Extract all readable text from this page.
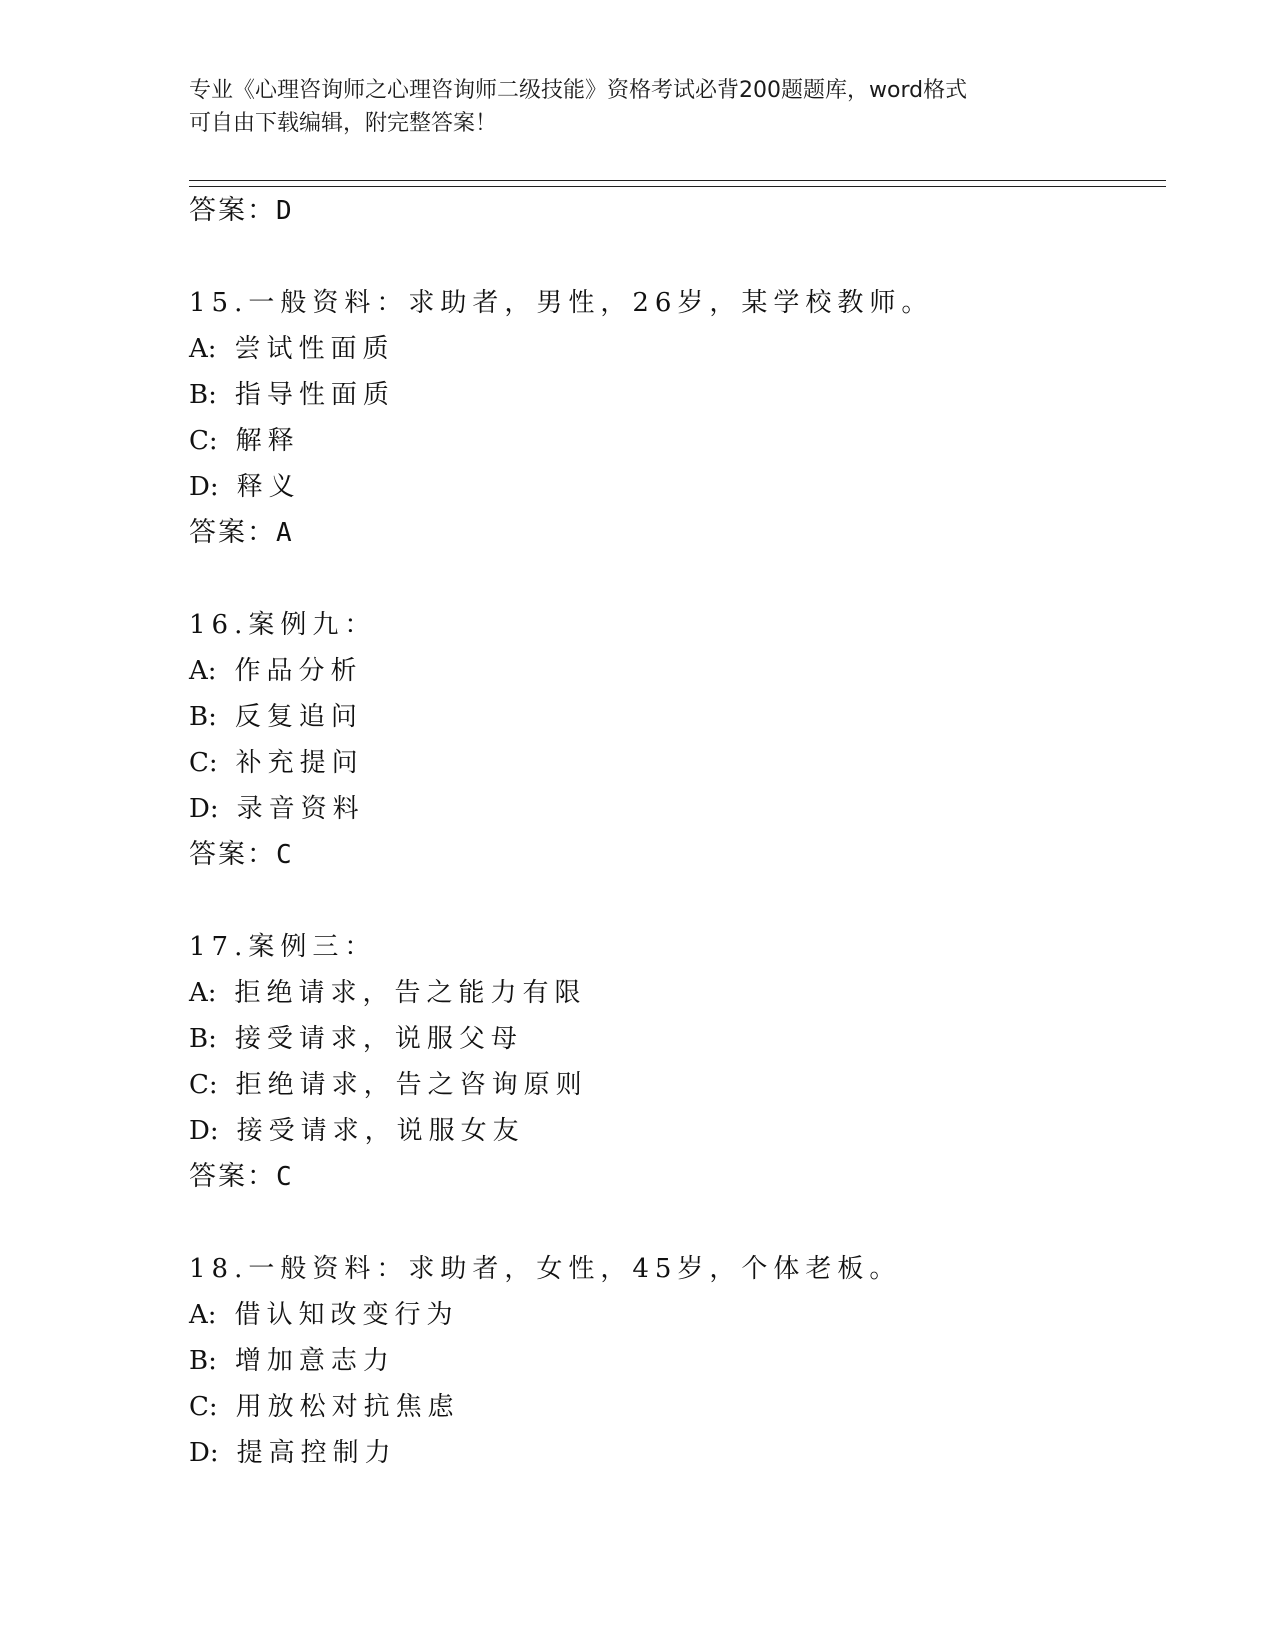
专业《心理咨询师之心理咨询师二级技能》资格考试必背200题题库，word格式
可自由下载编辑，附完整答案！
答案：D
15.一般资料：求助者，男性，26岁，某学校教师。
A: 尝试性面质
B: 指导性面质
C: 解释
D: 释义
答案：A
16.案例九：
A: 作品分析
B: 反复追问
C: 补充提问
D: 录音资料
答案：C
17.案例三：
A: 拒绝请求，告之能力有限
B: 接受请求，说服父母
C: 拒绝请求，告之咨询原则
D: 接受请求，说服女友
答案：C
18.一般资料：求助者，女性，45岁，个体老板。
A: 借认知改变行为
B: 增加意志力
C: 用放松对抗焦虑
D: 提高控制力
